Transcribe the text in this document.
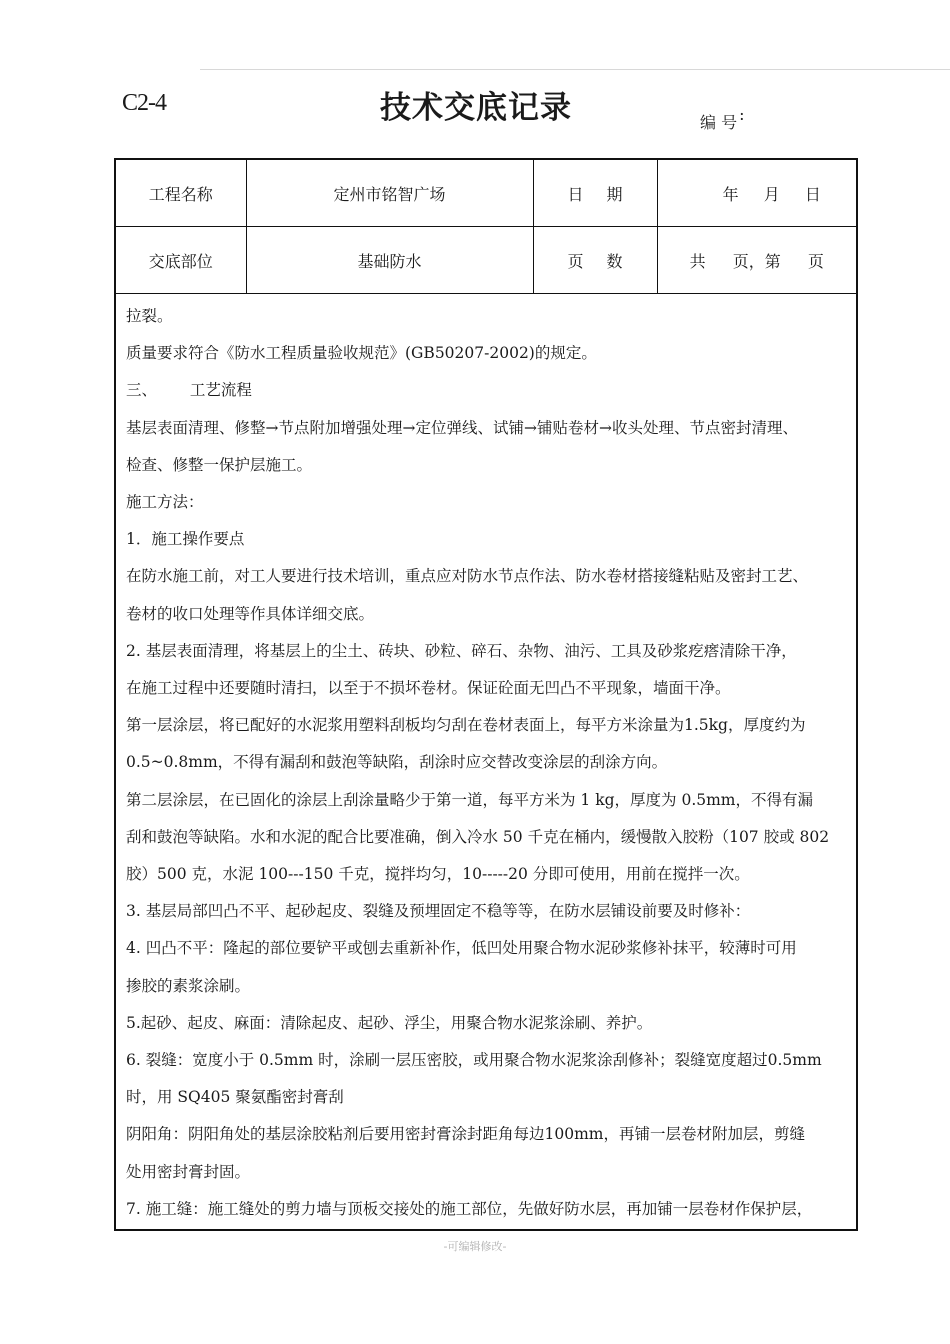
C2-4	技术交底记录	编 号 :
工程名称	定州市铭智广场	日 期	年 月 日
交底部位	基础防水	页 数	共 页，第 页

拉裂。

质量要求符合《防水工程质量验收规范》(GB50207-2002)的规定。

三、 工艺流程

基层表面清理、修整→节点附加增强处理→定位弹线、试铺→铺贴卷材→收头处理、节点密封清理、

检查、修整一保护层施工。

施工方法：

1．施工操作要点

在防水施工前，对工人要进行技术培训，重点应对防水节点作法、防水卷材搭接缝粘贴及密封工艺、

卷材的收口处理等作具体详细交底。

2. 基层表面清理，将基层上的尘土、砖块、砂粒、碎石、杂物、油污、工具及砂浆疙瘩清除干净，

在施工过程中还要随时清扫，以至于不损坏卷材。保证砼面无凹凸不平现象，墙面干净。

第一层涂层，将已配好的水泥浆用塑料刮板均匀刮在卷材表面上，每平方米涂量为1.5kg，厚度约为

0.5~0.8mm，不得有漏刮和鼓泡等缺陷，刮涂时应交替改变涂层的刮涂方向。

第二层涂层，在已固化的涂层上刮涂量略少于第一道，每平方米为 1 kg，厚度为 0.5mm，不得有漏

刮和鼓泡等缺陷。水和水泥的配合比要准确，倒入冷水 50 千克在桶内，缓慢散入胶粉（107 胶或 802

胶）500 克，水泥 100---150 千克，搅拌均匀，10-----20 分即可使用，用前在搅拌一次。

3. 基层局部凹凸不平、起砂起皮、裂缝及预埋固定不稳等等，在防水层铺设前要及时修补：

4. 凹凸不平：隆起的部位要铲平或刨去重新补作，低凹处用聚合物水泥砂浆修补抹平，较薄时可用

掺胶的素浆涂刷。

5.起砂、起皮、麻面：清除起皮、起砂、浮尘，用聚合物水泥浆涂刷、养护。

6. 裂缝：宽度小于 0.5mm 时，涂刷一层压密胶，或用聚合物水泥浆涂刮修补；裂缝宽度超过0.5mm

时，用 SQ405 聚氨酯密封膏刮

阴阳角：阴阳角处的基层涂胶粘剂后要用密封膏涂封距角每边100mm，再铺一层卷材附加层，剪缝

处用密封膏封固。

7. 施工缝：施工缝处的剪力墙与顶板交接处的施工部位，先做好防水层，再加铺一层卷材作保护层，

-可编辑修改-
